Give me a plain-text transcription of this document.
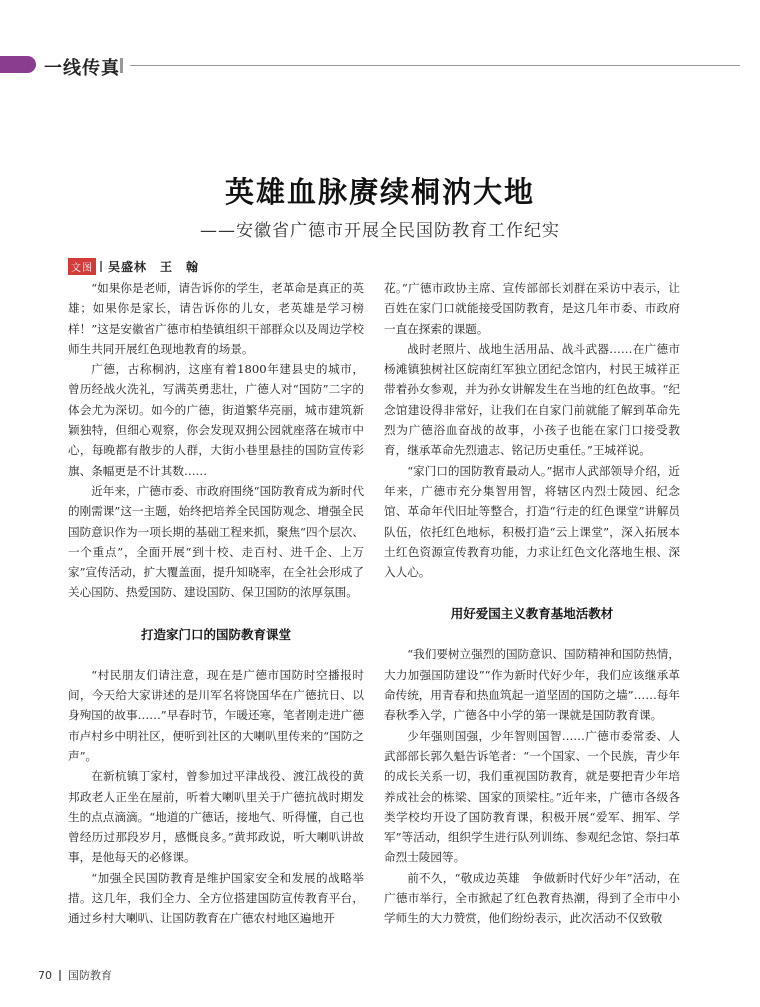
一线传真
英雄血脉赓续桐汭大地
——安徽省广德市开展全民国防教育工作纪实
文图 吴盛林　王　翰

“如果你是老师，请告诉你的学生，老革命是真正的英雄；如果你是家长，请告诉你的儿女，老英雄是学习榜样！”这是安徽省广德市柏垫镇组织干部群众以及周边学校师生共同开展红色现地教育的场景。

广德，古称桐汭，这座有着1800年建县史的城市，曾历经战火洗礼，写满英勇悲壮，广德人对“国防”二字的体会尤为深切。如今的广德，街道繁华亮丽，城市建筑新颖独特，但细心观察，你会发现双拥公园就座落在城市中心，每晚都有散步的人群，大街小巷里悬挂的国防宣传彩旗、条幅更是不计其数……

近年来，广德市委、市政府围绕“国防教育成为新时代的刚需课”这一主题，始终把培养全民国防观念、增强全民国防意识作为一项长期的基础工程来抓，聚焦“四个层次、一个重点”，全面开展“到十校、走百村、进千企、上万家”宣传活动，扩大覆盖面，提升知晓率，在全社会形成了关心国防、热爱国防、建设国防、保卫国防的浓厚氛围。

打造家门口的国防教育课堂

“村民朋友们请注意，现在是广德市国防时空播报时间，今天给大家讲述的是川军名将饶国华在广德抗日、以身殉国的故事……”早春时节，乍暖还寒，笔者刚走进广德市卢村乡中明社区，便听到社区的大喇叭里传来的“国防之声”。

在新杭镇丁家村，曾参加过平津战役、渡江战役的黄邦政老人正坐在屋前，听着大喇叭里关于广德抗战时期发生的点点滴滴。“地道的广德话，接地气、听得懂，自己也曾经历过那段岁月，感慨良多。”黄邦政说，听大喇叭讲故事，是他每天的必修课。

“加强全民国防教育是维护国家安全和发展的战略举措。这几年，我们全力、全方位搭建国防宣传教育平台，通过乡村大喇叭、让国防教育在广德农村地区遍地开

花。”广德市政协主席、宣传部部长刘群在采访中表示，让百姓在家门口就能接受国防教育，是这几年市委、市政府一直在探索的课题。

战时老照片、战地生活用品、战斗武器……在广德市杨滩镇独树社区皖南红军独立团纪念馆内，村民王城祥正带着孙女参观，并为孙女讲解发生在当地的红色故事。“纪念馆建设得非常好，让我们在自家门前就能了解到革命先烈为广德浴血奋战的故事，小孩子也能在家门口接受教育，继承革命先烈遗志、铭记历史重任。”王城祥说。

“家门口的国防教育最动人。”据市人武部领导介绍，近年来，广德市充分集智用智，将辖区内烈士陵园、纪念馆、革命年代旧址等整合，打造“行走的红色课堂”讲解员队伍，依托红色地标，积极打造“云上课堂”，深入拓展本土红色资源宣传教育功能，力求让红色文化落地生根、深入人心。

用好爱国主义教育基地活教材

“我们要树立强烈的国防意识、国防精神和国防热情，大力加强国防建设”“作为新时代好少年，我们应该继承革命传统，用青春和热血筑起一道坚固的国防之墙”……每年春秋季入学，广德各中小学的第一课就是国防教育课。

少年强则国强，少年智则国智……广德市委常委、人武部部长郭久魁告诉笔者：“一个国家、一个民族，青少年的成长关系一切，我们重视国防教育，就是要把青少年培养成社会的栋梁、国家的顶梁柱。”近年来，广德市各级各类学校均开设了国防教育课，积极开展“爱军、拥军、学军”等活动，组织学生进行队列训练、参观纪念馆、祭扫革命烈士陵园等。

前不久，“敬成边英雄　争做新时代好少年”活动，在广德市举行，全市掀起了红色教育热潮，得到了全市中小学师生的大力赞赏，他们纷纷表示，此次活动不仅致敬

70 国防教育
